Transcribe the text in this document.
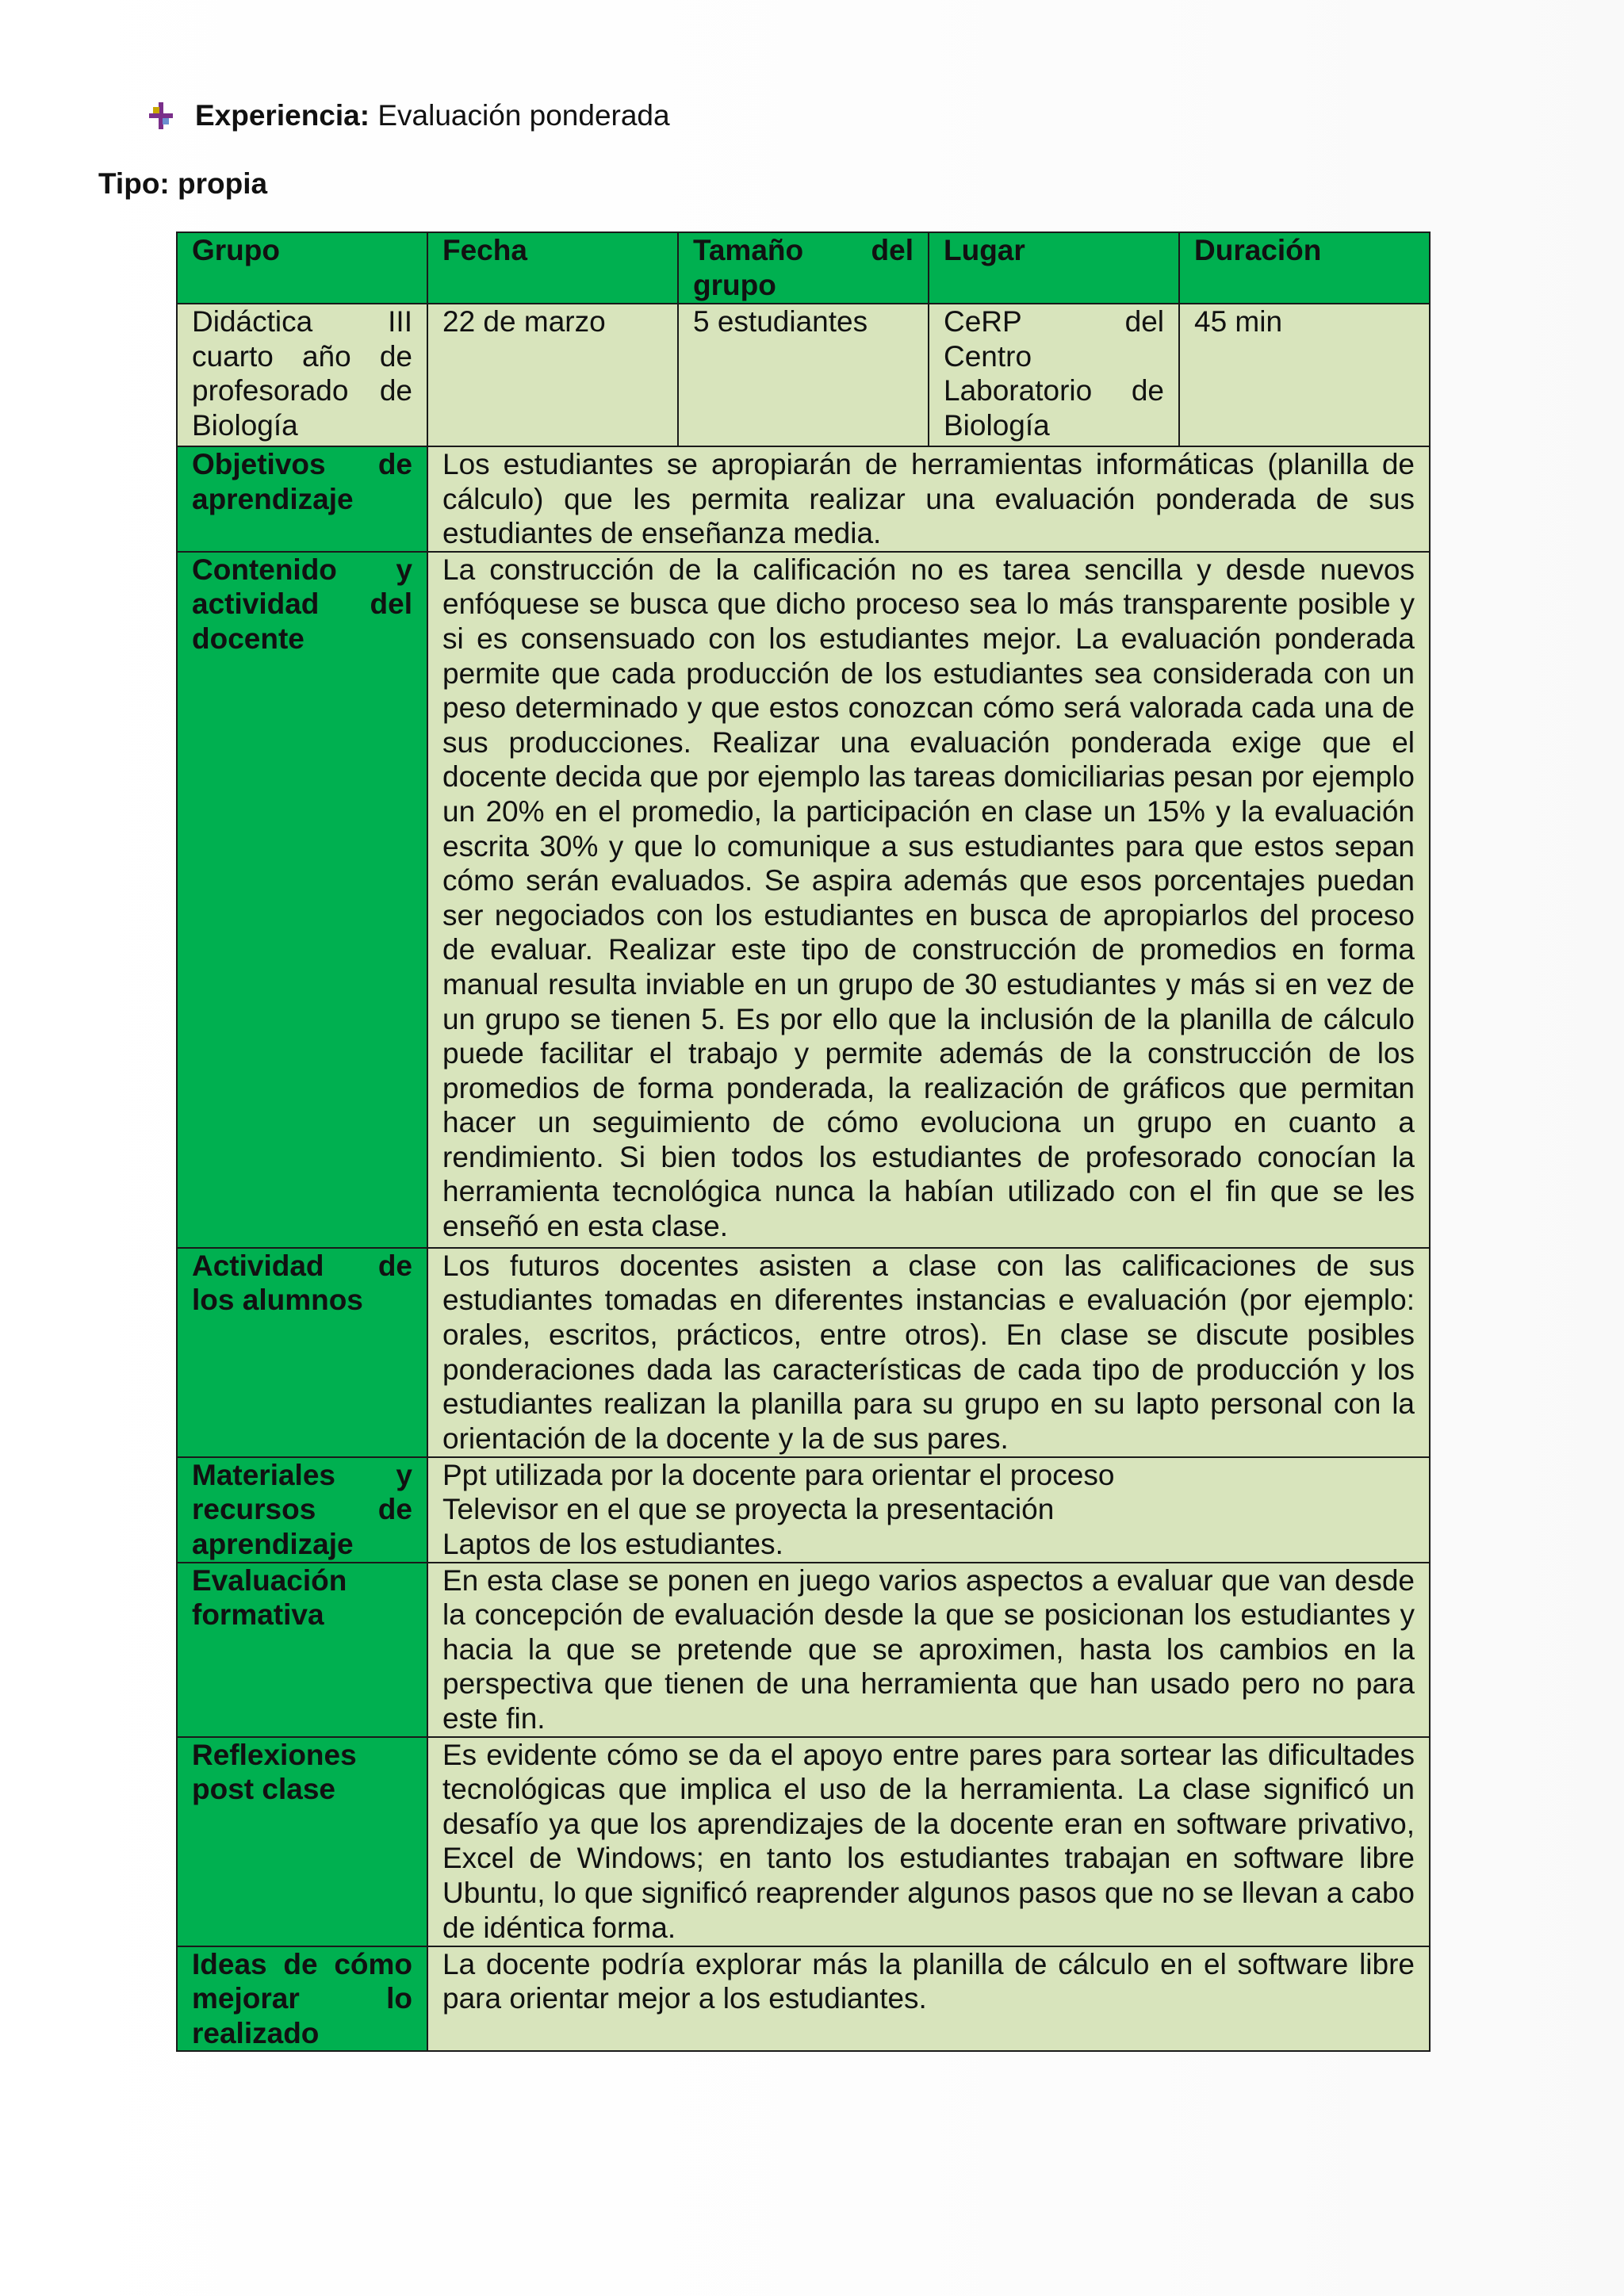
Experiencia: Evaluación ponderada
Tipo: propia
Grupo	Fecha	Tamaño del grupo	Lugar	Duración
Didáctica III cuarto año de profesorado de Biología	22 de marzo	5 estudiantes	CeRP del Centro Laboratorio de Biología	45 min
Objetivos de aprendizaje	Los estudiantes se apropiarán de herramientas informáticas (planilla de cálculo) que les permita realizar una evaluación ponderada de sus estudiantes de enseñanza media.			

Contenido y actividad del docente	La construcción de la calificación no es tarea sencilla y desde nuevos enfóquese se busca que dicho proceso sea lo más transparente posible y si es consensuado con los estudiantes mejor. La evaluación ponderada permite que cada producción de los estudiantes sea considerada con un peso determinado y que estos conozcan cómo será valorada cada una de sus producciones. Realizar una evaluación ponderada exige que el docente decida que por ejemplo las tareas domiciliarias pesan por ejemplo un 20% en el promedio, la participación en clase un 15% y la evaluación escrita 30% y que lo comunique a sus estudiantes para que estos sepan cómo serán evaluados. Se aspira además que esos porcentajes puedan ser negociados con los estudiantes en busca de apropiarlos del proceso de evaluar. Realizar este tipo de construcción de promedios en forma manual resulta inviable en un grupo de 30 estudiantes y más si en vez de un grupo se tienen 5. Es por ello que la inclusión de la planilla de cálculo puede facilitar el trabajo y permite además de la construcción de los promedios de forma ponderada, la realización de gráficos que permitan hacer un seguimiento de cómo evoluciona un grupo en cuanto a rendimiento. Si bien todos los estudiantes de profesorado conocían la herramienta tecnológica nunca la habían utilizado con el fin que se les enseñó en esta clase.			

Actividad de los alumnos	Los futuros docentes asisten a clase con las calificaciones de sus estudiantes tomadas en diferentes instancias e evaluación (por ejemplo: orales, escritos, prácticos, entre otros). En clase se discute posibles ponderaciones dada las características de cada tipo de producción y los estudiantes realizan la planilla para su grupo en su lapto personal con la orientación de la docente y la de sus pares.			

Materiales y recursos de aprendizaje	Ppt utilizada por la docente para orientar el proceso
Televisor en el que se proyecta la presentación
Laptos de los estudiantes.			

Evaluación formativa	En esta clase se ponen en juego varios aspectos a evaluar que van desde la concepción de evaluación desde la que se posicionan los estudiantes y hacia la que se pretende que se aproximen, hasta los cambios en la perspectiva que tienen de una herramienta que han usado pero no para este fin.			

Reflexiones post clase	Es evidente cómo se da el apoyo entre pares para sortear las dificultades tecnológicas que implica el uso de la herramienta. La clase significó un desafío ya que los aprendizajes de la docente eran en software privativo, Excel de Windows; en tanto los estudiantes trabajan en software libre Ubuntu, lo que significó reaprender algunos pasos que no se llevan a cabo de idéntica forma.			

Ideas de cómo mejorar lo realizado	La docente podría explorar más la planilla de cálculo en el software libre para orientar mejor a los estudiantes.			
